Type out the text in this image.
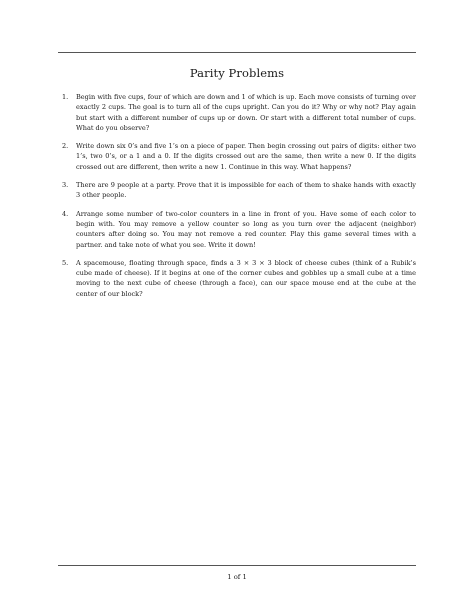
Parity Problems
1. Begin with five cups, four of which are down and 1 of which is up. Each move consists of turning over exactly 2 cups. The goal is to turn all of the cups upright. Can you do it? Why or why not? Play again but start with a different number of cups up or down. Or start with a different total number of cups. What do you observe?
2. Write down six 0’s and five 1’s on a piece of paper. Then begin crossing out pairs of digits: either two 1’s, two 0’s, or a 1 and a 0. If the digits crossed out are the same, then write a new 0. If the digits crossed out are different, then write a new 1. Continue in this way. What happens?
3. There are 9 people at a party. Prove that it is impossible for each of them to shake hands with exactly 3 other people.
4. Arrange some number of two-color counters in a line in front of you. Have some of each color to begin with. You may remove a yellow counter so long as you turn over the adjacent (neighbor) counters after doing so. You may not remove a red counter. Play this game several times with a partner. and take note of what you see. Write it down!
5. A spacemouse, floating through space, finds a 3 × 3 × 3 block of cheese cubes (think of a Rubik’s cube made of cheese). If it begins at one of the corner cubes and gobbles up a small cube at a time moving to the next cube of cheese (through a face), can our space mouse end at the cube at the center of our block?
1 of 1
